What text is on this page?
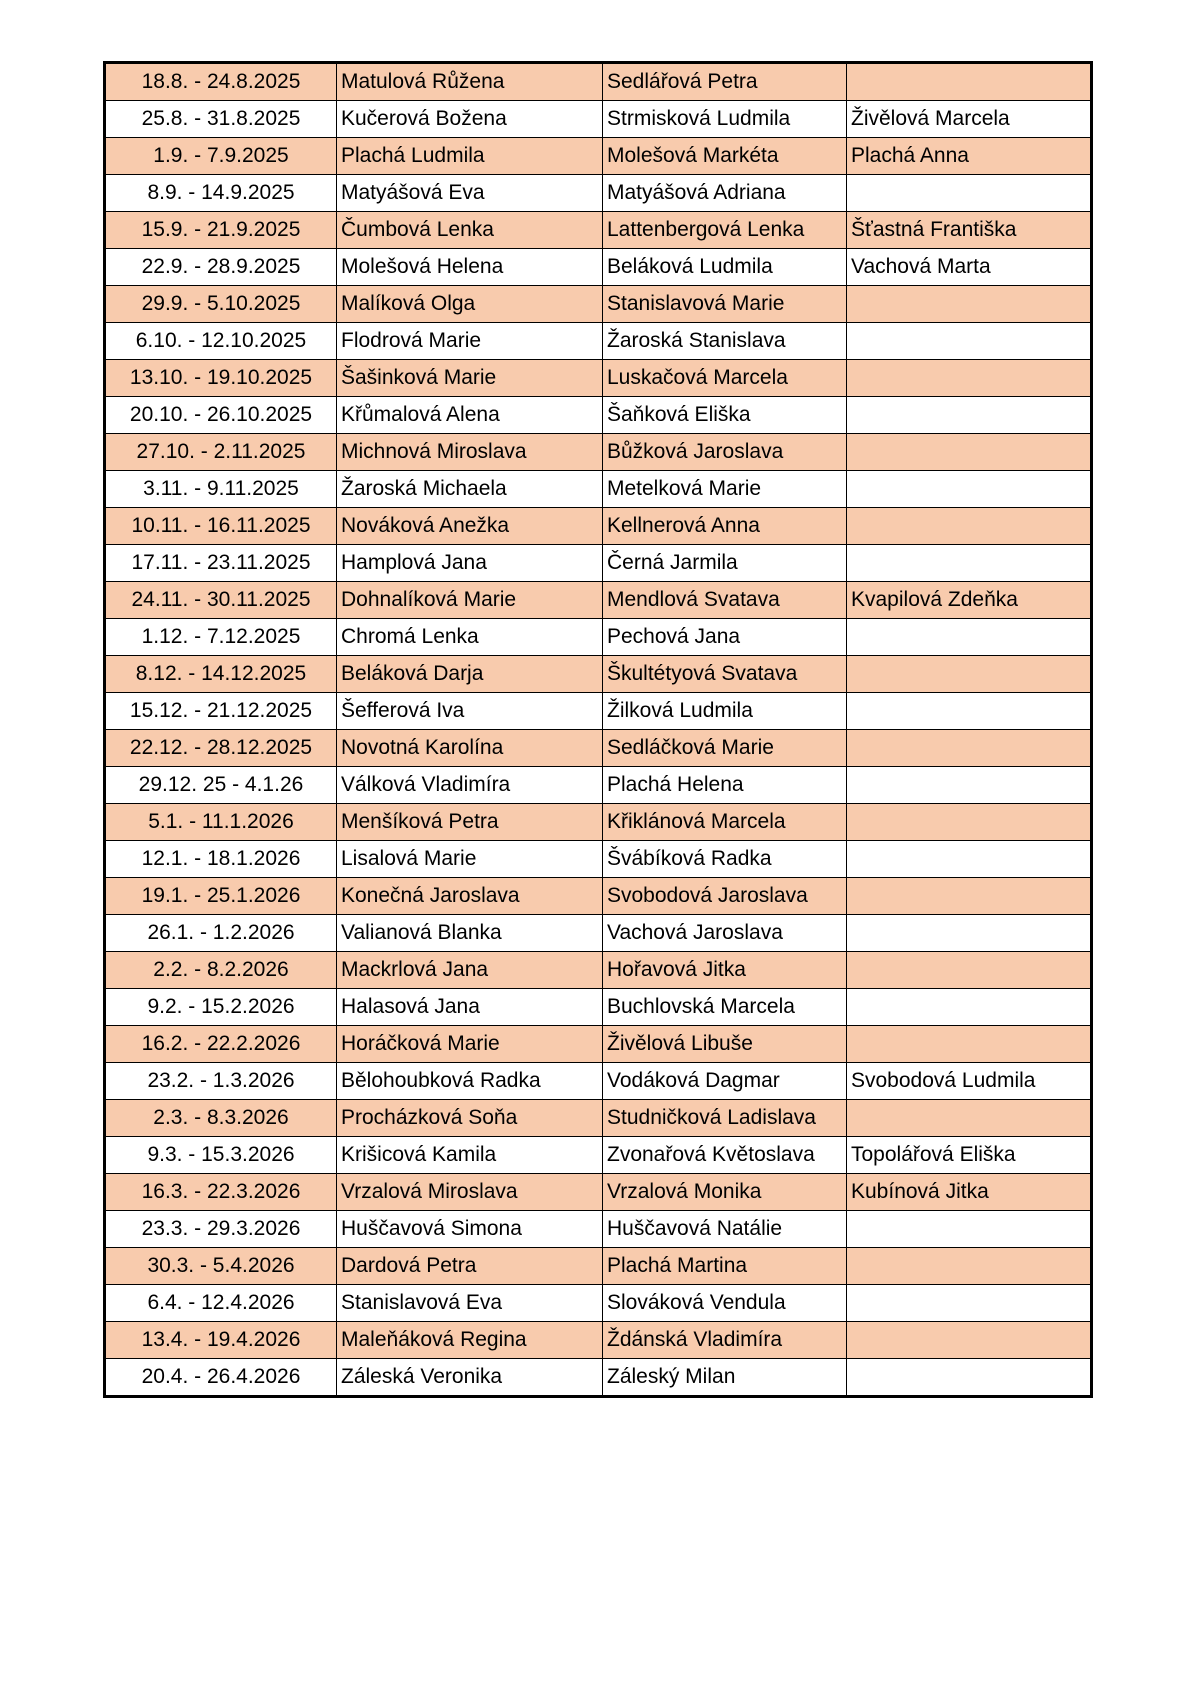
18.8. - 24.8.2025	Matulová Růžena	Sedlářová Petra	
25.8. - 31.8.2025	Kučerová Božena	Strmisková Ludmila	Živělová Marcela
1.9. - 7.9.2025	Plachá Ludmila	Molešová Markéta	Plachá Anna
8.9. - 14.9.2025	Matyášová Eva	Matyášová Adriana	
15.9. - 21.9.2025	Čumbová Lenka	Lattenbergová Lenka	Šťastná Františka
22.9. - 28.9.2025	Molešová Helena	Beláková Ludmila	Vachová Marta
29.9. - 5.10.2025	Malíková Olga	Stanislavová Marie	
6.10. - 12.10.2025	Flodrová Marie	Žaroská Stanislava	
13.10. - 19.10.2025	Šašinková Marie	Luskačová Marcela	
20.10. - 26.10.2025	Křůmalová Alena	Šaňková Eliška	
27.10. - 2.11.2025	Michnová Miroslava	Bůžková Jaroslava	
3.11. - 9.11.2025	Žaroská Michaela	Metelková Marie	
10.11. - 16.11.2025	Nováková Anežka	Kellnerová Anna	
17.11. - 23.11.2025	Hamplová Jana	Černá Jarmila	
24.11. - 30.11.2025	Dohnalíková Marie	Mendlová Svatava	Kvapilová Zdeňka
1.12. - 7.12.2025	Chromá Lenka	Pechová Jana	
8.12. - 14.12.2025	Beláková Darja	Škultétyová Svatava	
15.12. - 21.12.2025	Šefferová Iva	Žilková Ludmila	
22.12. - 28.12.2025	Novotná Karolína	Sedláčková Marie	
29.12. 25 - 4.1.26	Válková Vladimíra	Plachá Helena	
5.1. - 11.1.2026	Menšíková Petra	Křiklánová Marcela	
12.1. - 18.1.2026	Lisalová Marie	Švábíková Radka	
19.1. - 25.1.2026	Konečná Jaroslava	Svobodová Jaroslava	
26.1. - 1.2.2026	Valianová Blanka	Vachová Jaroslava	
2.2. - 8.2.2026	Mackrlová Jana	Hořavová Jitka	
9.2. - 15.2.2026	Halasová Jana	Buchlovská Marcela	
16.2. - 22.2.2026	Horáčková Marie	Živělová Libuše	
23.2. - 1.3.2026	Bělohoubková Radka	Vodáková Dagmar	Svobodová Ludmila
2.3. - 8.3.2026	Procházková Soňa	Studničková Ladislava	
9.3. - 15.3.2026	Krišicová Kamila	Zvonařová Květoslava	Topolářová Eliška
16.3. - 22.3.2026	Vrzalová Miroslava	Vrzalová Monika	Kubínová Jitka
23.3. - 29.3.2026	Huščavová Simona	Huščavová Natálie	
30.3. - 5.4.2026	Dardová Petra	Plachá Martina	
6.4. - 12.4.2026	Stanislavová Eva	Slováková Vendula	
13.4. - 19.4.2026	Maleňáková Regina	Ždánská Vladimíra	
20.4. - 26.4.2026	Záleská Veronika	Záleský Milan	
